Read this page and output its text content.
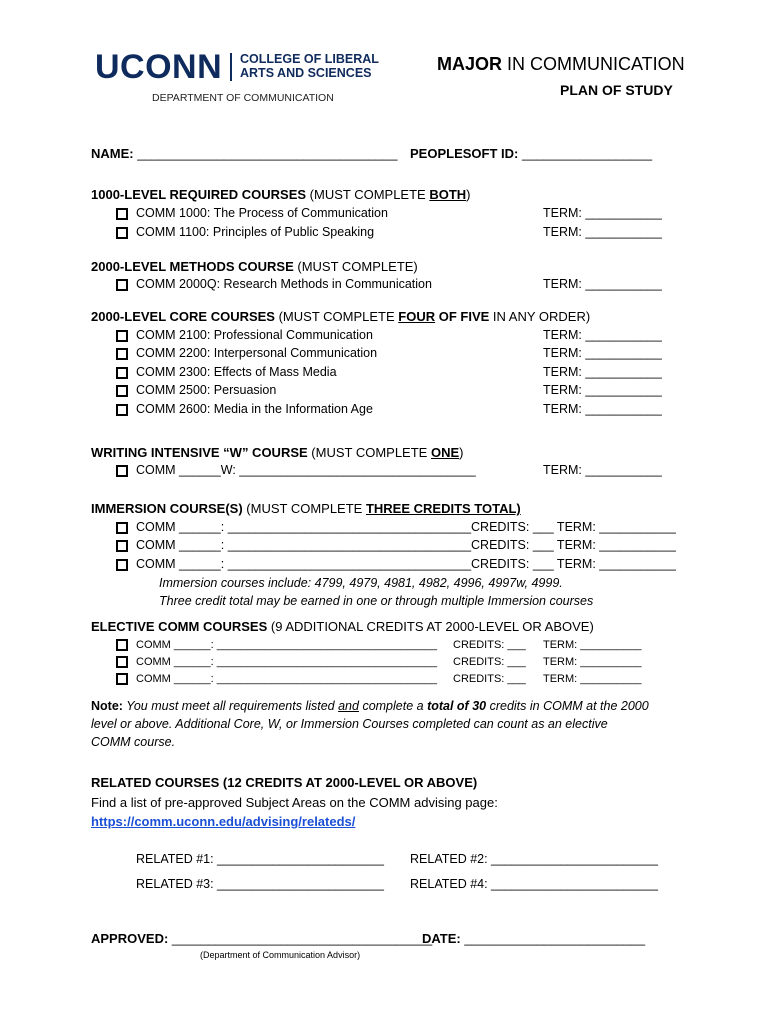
UCONN COLLEGE OF LIBERAL
ARTS AND SCIENCES
DEPARTMENT OF COMMUNICATION
MAJOR IN COMMUNICATION
PLAN OF STUDY
NAME: ____________________________________ PEOPLESOFT ID: __________________
1000-LEVEL REQUIRED COURSES (MUST COMPLETE BOTH)
COMM 1000: The Process of Communication	TERM: ___________
COMM 1100: Principles of Public Speaking	TERM: ___________
2000-LEVEL METHODS COURSE (MUST COMPLETE)
COMM 2000Q: Research Methods in Communication	TERM: ___________
2000-LEVEL CORE COURSES (MUST COMPLETE FOUR OF FIVE IN ANY ORDER)
COMM 2100: Professional Communication	TERM: ___________
COMM 2200: Interpersonal Communication	TERM: ___________
COMM 2300: Effects of Mass Media	TERM: ___________
COMM 2500: Persuasion	TERM: ___________
COMM 2600: Media in the Information Age	TERM: ___________
WRITING INTENSIVE “W” COURSE (MUST COMPLETE ONE)
COMM ______W: __________________________________	TERM: ___________
IMMERSION COURSE(S) (MUST COMPLETE THREE CREDITS TOTAL)
COMM ______: ___________________________________CREDITS: ___ TERM: ___________
COMM ______: ___________________________________CREDITS: ___ TERM: ___________
COMM ______: ___________________________________CREDITS: ___ TERM: ___________
Immersion courses include: 4799, 4979, 4981, 4982, 4996, 4997w, 4999.
Three credit total may be earned in one or through multiple Immersion courses
ELECTIVE COMM COURSES (9 ADDITIONAL CREDITS AT 2000-LEVEL OR ABOVE)
COMM ______: ____________________________________ CREDITS: ___ TERM: __________
COMM ______: ____________________________________ CREDITS: ___ TERM: __________
COMM ______: ____________________________________ CREDITS: ___ TERM: __________
Note: You must meet all requirements listed and complete a total of 30 credits in COMM at the 2000
level or above. Additional Core, W, or Immersion Courses completed can count as an elective
COMM course.
RELATED COURSES (12 CREDITS AT 2000-LEVEL OR ABOVE)
Find a list of pre-approved Subject Areas on the COMM advising page:
https://comm.uconn.edu/advising/relateds/
RELATED #1: ________________________ RELATED #2: ________________________
RELATED #3: ________________________ RELATED #4: ________________________
APPROVED: ____________________________________
DATE: _________________________
(Department of Communication Advisor)
